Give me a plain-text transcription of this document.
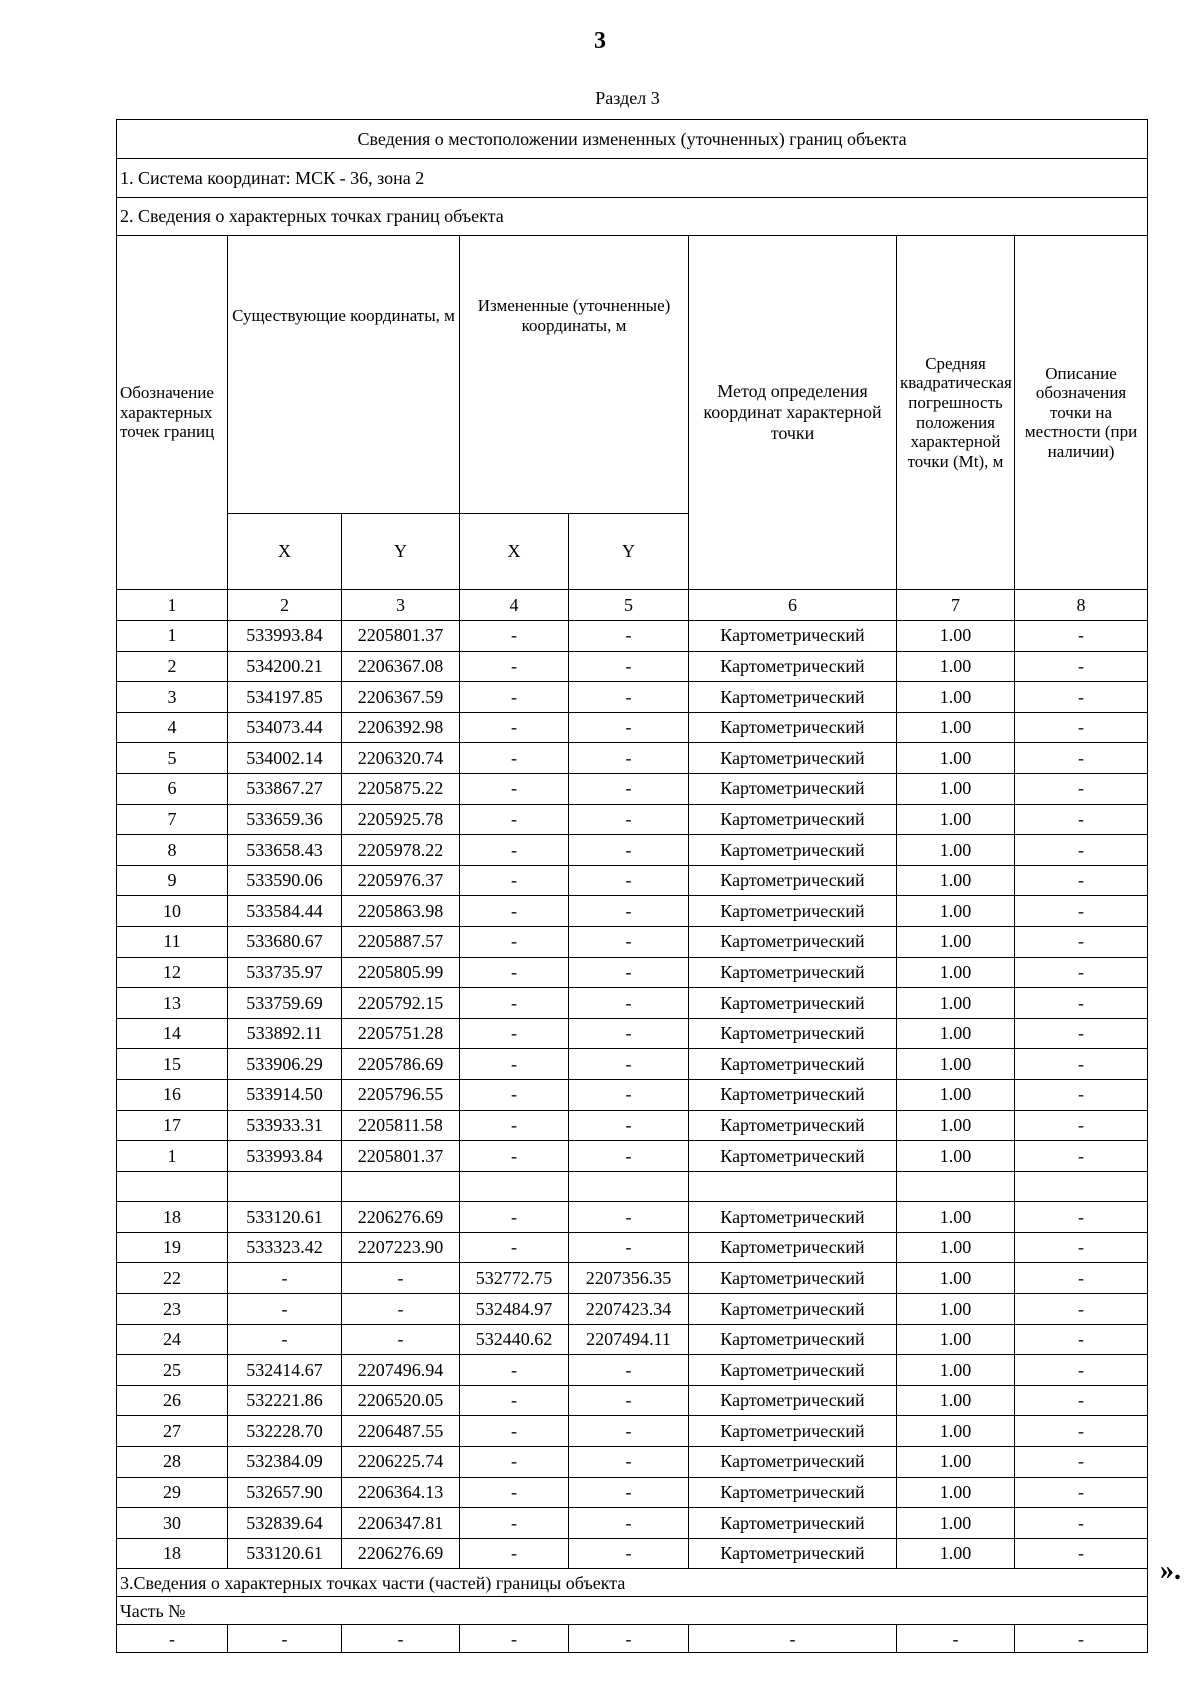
3
Раздел 3
Сведения о местоположении измененных (уточненных) границ объекта							
1. Система координат: МСК - 36, зона 2							
2. Сведения о характерных точках границ объекта							
Обозначение характерных точек границ	Существующие координаты, м		Измененные (уточненные) координаты, м		Метод определения координат характерной точки	Средняя квадратическая погрешность положения характерной точки (Mt), м	Описание обозначения точки на местности (при наличии)
	X	Y	X	Y			
1	2	3	4	5	6	7	8
1	533993.84	2205801.37	-	-	Картометрический	1.00	-
2	534200.21	2206367.08	-	-	Картометрический	1.00	-
3	534197.85	2206367.59	-	-	Картометрический	1.00	-
4	534073.44	2206392.98	-	-	Картометрический	1.00	-
5	534002.14	2206320.74	-	-	Картометрический	1.00	-
6	533867.27	2205875.22	-	-	Картометрический	1.00	-
7	533659.36	2205925.78	-	-	Картометрический	1.00	-
8	533658.43	2205978.22	-	-	Картометрический	1.00	-
9	533590.06	2205976.37	-	-	Картометрический	1.00	-
10	533584.44	2205863.98	-	-	Картометрический	1.00	-
11	533680.67	2205887.57	-	-	Картометрический	1.00	-
12	533735.97	2205805.99	-	-	Картометрический	1.00	-
13	533759.69	2205792.15	-	-	Картометрический	1.00	-
14	533892.11	2205751.28	-	-	Картометрический	1.00	-
15	533906.29	2205786.69	-	-	Картометрический	1.00	-
16	533914.50	2205796.55	-	-	Картометрический	1.00	-
17	533933.31	2205811.58	-	-	Картометрический	1.00	-
1	533993.84	2205801.37	-	-	Картометрический	1.00	-

18	533120.61	2206276.69	-	-	Картометрический	1.00	-
19	533323.42	2207223.90	-	-	Картометрический	1.00	-
22	-	-	532772.75	2207356.35	Картометрический	1.00	-
23	-	-	532484.97	2207423.34	Картометрический	1.00	-
24	-	-	532440.62	2207494.11	Картометрический	1.00	-
25	532414.67	2207496.94	-	-	Картометрический	1.00	-
26	532221.86	2206520.05	-	-	Картометрический	1.00	-
27	532228.70	2206487.55	-	-	Картометрический	1.00	-
28	532384.09	2206225.74	-	-	Картометрический	1.00	-
29	532657.90	2206364.13	-	-	Картометрический	1.00	-
30	532839.64	2206347.81	-	-	Картометрический	1.00	-
18	533120.61	2206276.69	-	-	Картометрический	1.00	-
3.Сведения о характерных точках части (частей) границы объекта							
Часть №							
-	-	-	-	-	-	-	-
».
